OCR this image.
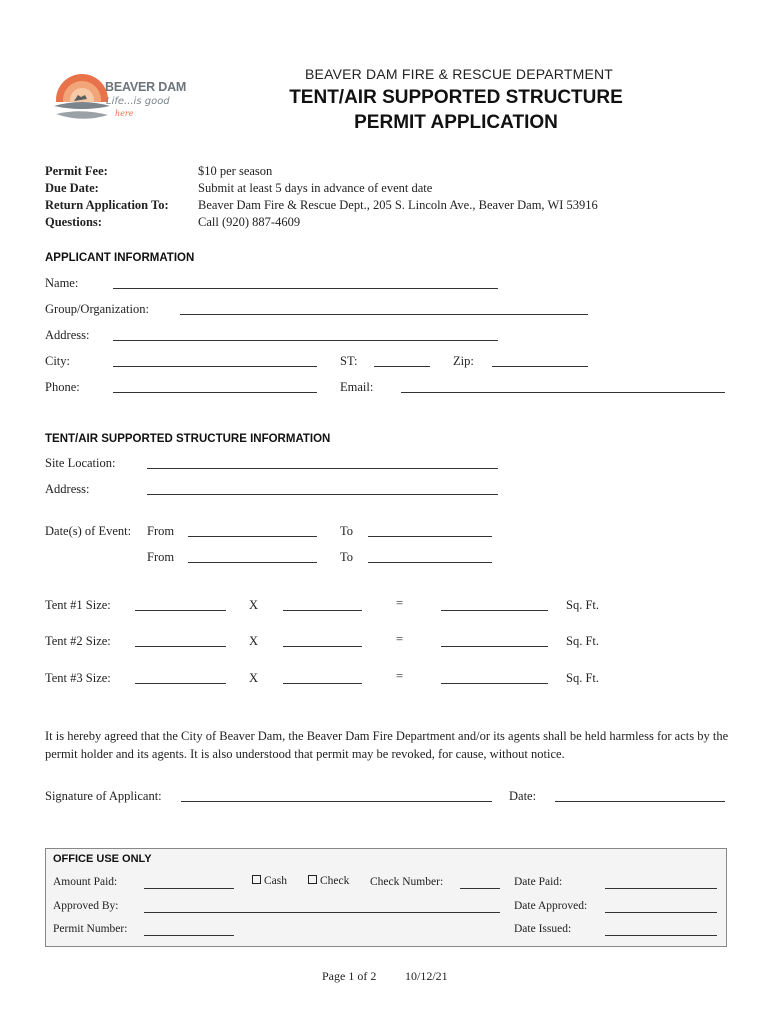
BEAVER DAM
Life...is good
here
BEAVER DAM FIRE & RESCUE DEPARTMENT
TENT/AIR SUPPORTED STRUCTURE
PERMIT APPLICATION
Permit Fee:	$10 per season
Due Date:	Submit at least 5 days in advance of event date
Return Application To: Beaver Dam Fire & Rescue Dept., 205 S. Lincoln Ave., Beaver Dam, WI 53916
Questions:	Call (920) 887-4609
APPLICANT INFORMATION
Name:
Group/Organization:
Address:
City:	ST:	Zip:
Phone:	Email:
TENT/AIR SUPPORTED STRUCTURE INFORMATION
Site Location:
Address:
Date(s) of Event: From	To
From	To
Tent #1 Size:	X	=	Sq. Ft.
Tent #2 Size:	X	=	Sq. Ft.
Tent #3 Size:	X	=	Sq. Ft.
It is hereby agreed that the City of Beaver Dam, the Beaver Dam Fire Department and/or its agents shall be held harmless for acts by the permit holder and its agents. It is also understood that permit may be revoked, for cause, without notice.
Signature of Applicant:	Date:
OFFICE USE ONLY
Amount Paid:	Cash	Check Check Number:	Date Paid:
Approved By:	Date Approved:
Permit Number:	Date Issued:
Page 1 of 2 10/12/21
